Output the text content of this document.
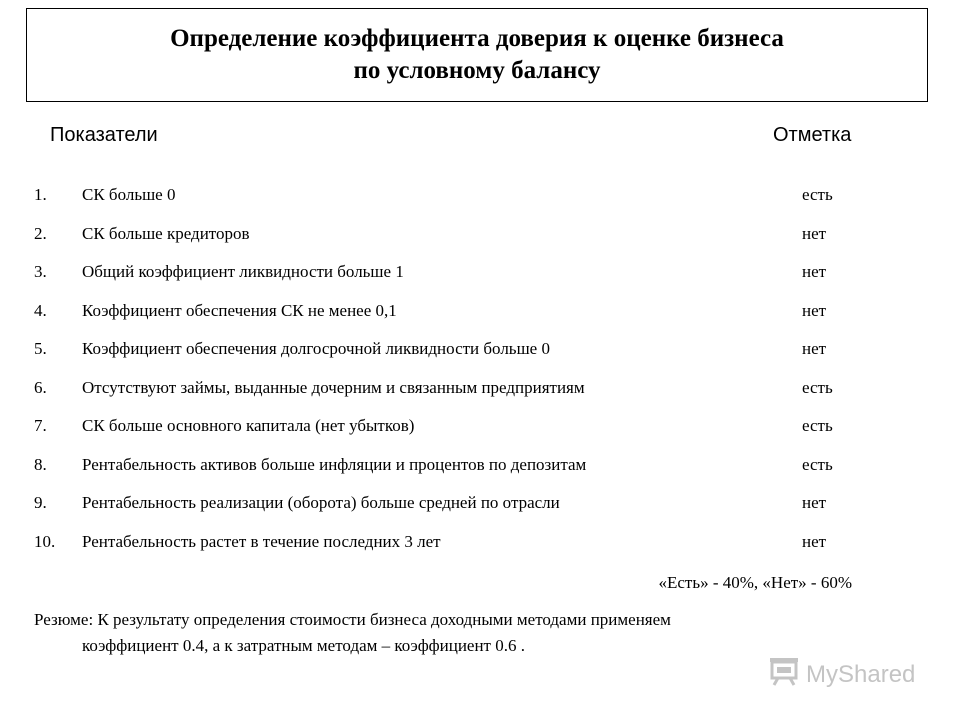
Определение коэффициента доверия к оценке бизнеса
по условному балансу
Показатели	Отметка
1. СК больше 0	есть
2. СК больше кредиторов	нет
3. Общий коэффициент ликвидности больше 1	нет
4. Коэффициент обеспечения СК не менее 0,1	нет
5. Коэффициент обеспечения долгосрочной ликвидности больше 0	нет
6. Отсутствуют займы, выданные дочерним и связанным предприятиям	есть
7. СК больше основного капитала (нет убытков)	есть
8. Рентабельность активов больше инфляции и процентов по депозитам	есть
9. Рентабельность реализации (оборота) больше средней по отрасли	нет
10. Рентабельность растет в течение последних 3 лет	нет
«Есть» - 40%, «Нет» - 60%
Резюме: К результату определения стоимости бизнеса доходными методами применяем
коэффициент 0.4, а к затратным методам – коэффициент 0.6 .
MyShared
